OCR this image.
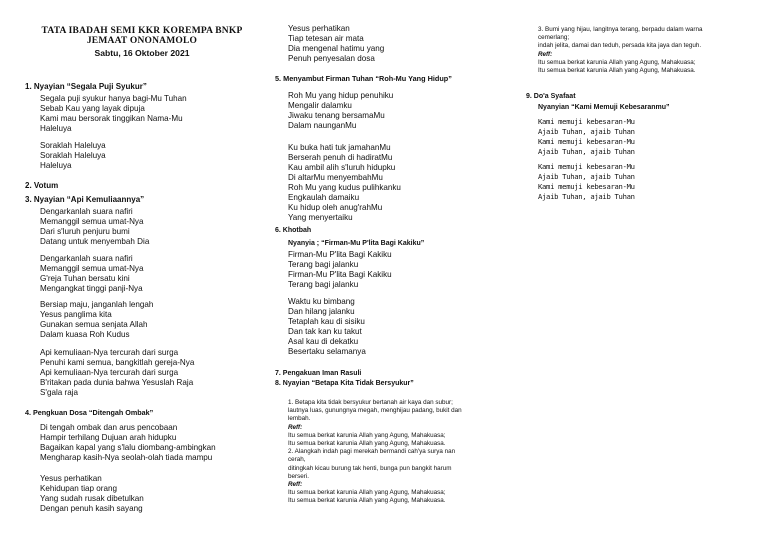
TATA IBADAH SEMI KKR KOREMPA BNKP
JEMAAT ONONAMOLO
Sabtu, 16 Oktober 2021
1. Nyayian “Segala Puji Syukur”
Segala puji syukur hanya bagi-Mu Tuhan
Sebab Kau yang layak dipuja
Kami mau bersorak tinggikan Nama-Mu
Haleluya
Soraklah Haleluya
Soraklah Haleluya
Haleluya
2. Votum
3. Nyayian “Api Kemuliaannya”
Dengarkanlah suara nafiri
Memanggil semua umat-Nya
Dari s'luruh penjuru bumi
Datang untuk menyembah Dia
Dengarkanlah suara nafiri
Memanggil semua umat-Nya
G'reja Tuhan bersatu kini
Mengangkat tinggi panji-Nya
Bersiap maju, janganlah lengah
Yesus panglima kita
Gunakan semua senjata Allah
Dalam kuasa Roh Kudus
Api kemuliaan-Nya tercurah dari surga
Penuhi kami semua, bangkitlah gereja-Nya
Api kemuliaan-Nya tercurah dari surga
B'ritakan pada dunia bahwa Yesuslah Raja
S'gala raja
4. Pengkuan Dosa “Ditengah Ombak”
Di tengah ombak dan arus pencobaan
Hampir terhilang Dujuan arah hidupku
Bagaikan kapal yang s'lalu diombang-ambingkan
Mengharap kasih-Nya seolah-olah tiada mampu
Yesus perhatikan
Kehidupan tiap orang
Yang sudah rusak dibetulkan
Dengan penuh kasih sayang
Yesus perhatikan
Tiap tetesan air mata
Dia mengenal hatimu yang
Penuh penyesalan dosa
5. Menyambut Firman Tuhan “Roh-Mu Yang Hidup”
Roh Mu yang hidup penuhiku
Mengalir dalamku
Jiwaku tenang bersamaMu
Dalam naunganMu
Ku buka hati tuk jamahanMu
Berserah penuh di hadiratMu
Kau ambil alih s'luruh hidupku
Di altarMu menyembahMu
Roh Mu yang kudus pulihkanku
Engkaulah damaiku
Ku hidup oleh anug'rahMu
Yang menyertaiku
6. Khotbah
Nyanyia ; “Firman-Mu P'lita Bagi Kakiku”
Firman-Mu P'lita Bagi Kakiku
Terang bagi jalanku
Firman-Mu P'lita Bagi Kakiku
Terang bagi jalanku
Waktu ku bimbang
Dan hilang jalanku
Tetaplah kau di sisiku
Dan tak kan ku takut
Asal kau di dekatku
Besertaku selamanya
7. Pengakuan Iman Rasuli
8. Nyayian “Betapa Kita Tidak Bersyukur”
1. Betapa kita tidak bersyukur bertanah air kaya dan subur;
lautnya luas, gunungnya megah, menghijau padang, bukit dan
lembah.
Reff:
Itu semua berkat karunia Allah yang Agung, Mahakuasa;
Itu semua berkat karunia Allah yang Agung, Mahakuasa.
2. Alangkah indah pagi merekah bermandi cah'ya surya nan
cerah,
ditingkah kicau burung tak henti, bunga pun bangkit harum
berseri.
Reff:
Itu semua berkat karunia Allah yang Agung, Mahakuasa;
Itu semua berkat karunia Allah yang Agung, Mahakuasa.
3. Bumi yang hijau, langitnya terang, berpadu dalam warna
cemerlang;
indah jelita, damai dan teduh, persada kita jaya dan teguh.
Reff:
Itu semua berkat karunia Allah yang Agung, Mahakuasa;
Itu semua berkat karunia Allah yang Agung, Mahakuasa.
9. Do'a Syafaat
Nyanyian “Kami Memuji Kebesaranmu”
Kami memuji kebesaran-Mu
Ajaib Tuhan, ajaib Tuhan
Kami memuji kebesaran-Mu
Ajaib Tuhan, ajaib Tuhan
Kami memuji kebesaran-Mu
Ajaib Tuhan, ajaib Tuhan
Kami memuji kebesaran-Mu
Ajaib Tuhan, ajaib Tuhan
